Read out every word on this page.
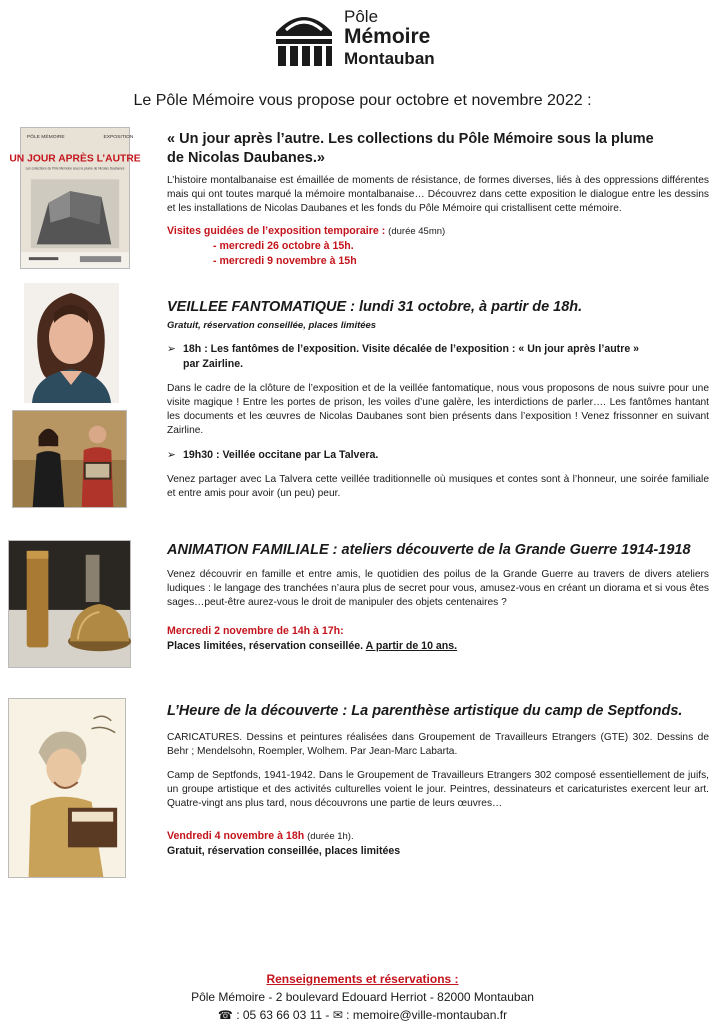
Pôle
Mémoire
Montauban
Le Pôle Mémoire vous propose pour octobre et novembre 2022 :
PÔLE MÉMOIRE	EXPOSITION
UN JOUR APRÈS L’AUTRE
Les collections du Pôle Mémoire sous la plume de Nicolas Daubanes
« Un jour après l’autre. Les collections du Pôle Mémoire sous la plume
de Nicolas Daubanes.»

L’histoire montalbanaise est émaillée de moments de résistance, de formes diverses, liés à des oppressions différentes mais qui ont toutes marqué la mémoire montalbanaise… Découvrez dans cette exposition le dialogue entre les dessins et les installations de Nicolas Daubanes et les fonds du Pôle Mémoire qui cristallisent cette mémoire.

Visites guidées de l’exposition temporaire : (durée 45mn)
- mercredi 26 octobre à 15h.
- mercredi 9 novembre à 15h
VEILLEE FANTOMATIQUE : lundi 31 octobre, à partir de 18h.
Gratuit, réservation conseillée, places limitées
➢ 18h : Les fantômes de l’exposition. Visite décalée de l’exposition : « Un jour après l’autre »
par Zairline.

Dans le cadre de la clôture de l’exposition et de la veillée fantomatique, nous vous proposons de nous suivre pour une visite magique ! Entre les portes de prison, les voiles d’une galère, les interdictions de parler…. Les fantômes hantant les documents et les œuvres de Nicolas Daubanes sont bien présents dans l’exposition ! Venez frissonner en suivant Zairline.

➢ 19h30 : Veillée occitane par La Talvera.

Venez partager avec La Talvera cette veillée traditionnelle où musiques et contes sont à l’honneur, une soirée familiale et entre amis pour avoir (un peu) peur.

ANIMATION FAMILIALE : ateliers découverte de la Grande Guerre 1914-1918

Venez découvrir en famille et entre amis, le quotidien des poilus de la Grande Guerre au travers de divers ateliers ludiques : le langage des tranchées n’aura plus de secret pour vous, amusez-vous en créant un diorama et si vous êtes sages…peut-être aurez-vous le droit de manipuler des objets centenaires ?

Mercredi 2 novembre de 14h à 17h:
Places limitées, réservation conseillée. A partir de 10 ans.
L’Heure de la découverte : La parenthèse artistique du camp de Septfonds.

CARICATURES. Dessins et peintures réalisées dans Groupement de Travailleurs Etrangers (GTE) 302. Dessins de Behr ; Mendelsohn, Roempler, Wolhem. Par Jean-Marc Labarta.

Camp de Septfonds, 1941-1942. Dans le Groupement de Travailleurs Etrangers 302 composé essentiellement de juifs, un groupe artistique et des activités culturelles voient le jour. Peintres, dessinateurs et caricaturistes exercent leur art. Quatre-vingt ans plus tard, nous découvrons une partie de leurs œuvres…

Vendredi 4 novembre à 18h (durée 1h).
Gratuit, réservation conseillée, places limitées
Renseignements et réservations :
Pôle Mémoire - 2 boulevard Edouard Herriot - 82000 Montauban
☎ : 05 63 66 03 11 - ✉ : memoire@ville-montauban.fr
